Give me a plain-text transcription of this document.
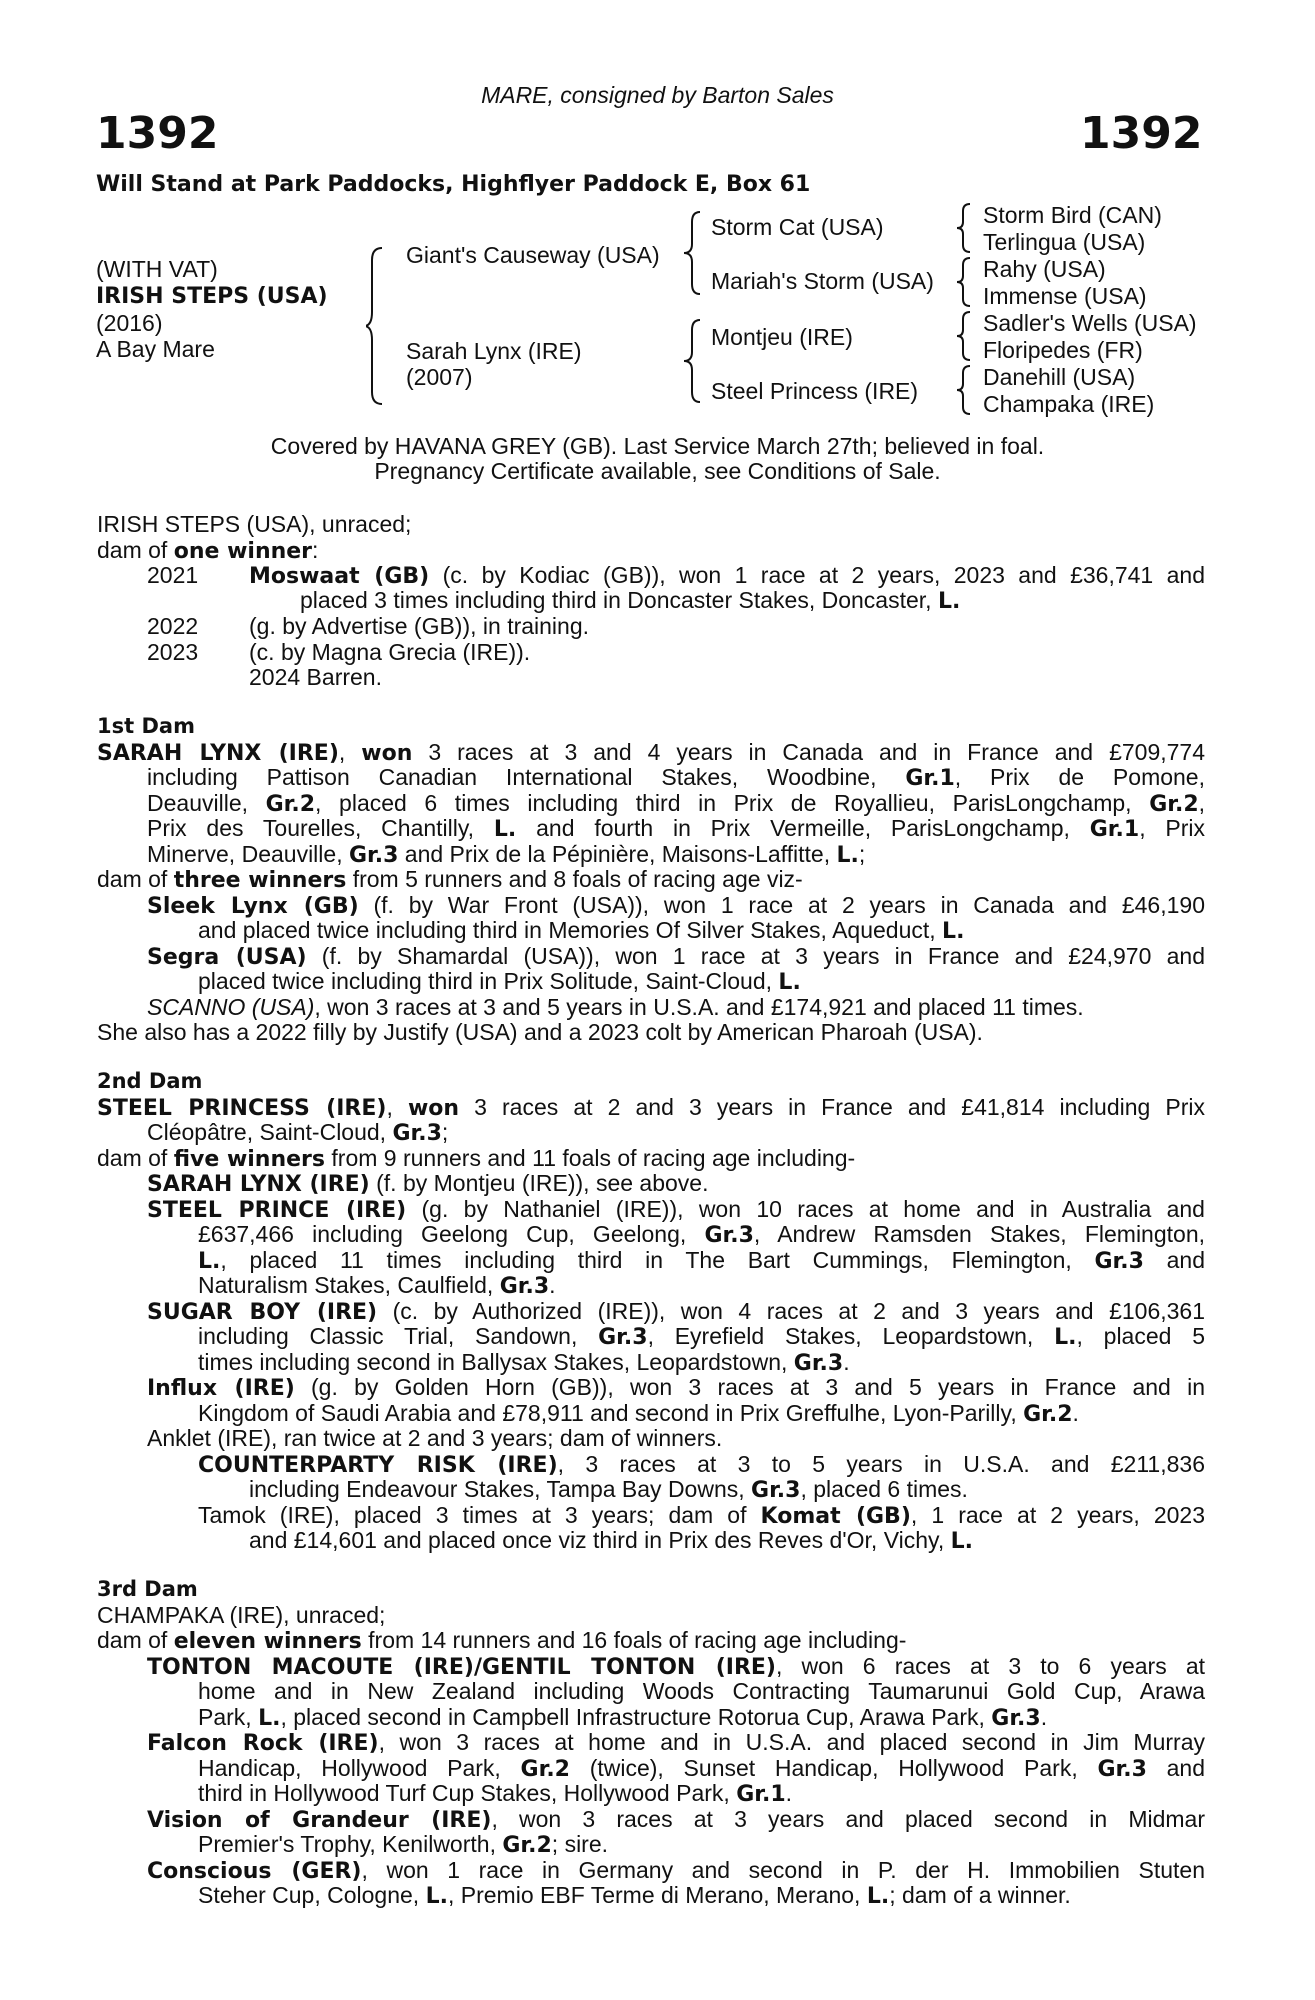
MARE, consigned by Barton Sales
1392	1392
Will Stand at Park Paddocks, Highflyer Paddock E, Box 61
(WITH VAT)
IRISH STEPS (USA)
(2016)
A Bay Mare
Giant's Causeway (USA)
Sarah Lynx (IRE)
(2007)
Storm Cat (USA)
Mariah's Storm (USA)
Montjeu (IRE)
Steel Princess (IRE)
Storm Bird (CAN)
Terlingua (USA)
Rahy (USA)
Immense (USA)
Sadler's Wells (USA)
Floripedes (FR)
Danehill (USA)
Champaka (IRE)
Covered by HAVANA GREY (GB). Last Service March 27th; believed in foal.
Pregnancy Certificate available, see Conditions of Sale.
IRISH STEPS (USA), unraced;
dam of one winner:
2021 Moswaat (GB) (c. by Kodiac (GB)), won 1 race at 2 years, 2023 and £36,741 and
placed 3 times including third in Doncaster Stakes, Doncaster, L.
2022 (g. by Advertise (GB)), in training.
2023 (c. by Magna Grecia (IRE)).
2024 Barren.
1st Dam
SARAH LYNX (IRE), won 3 races at 3 and 4 years in Canada and in France and £709,774
including Pattison Canadian International Stakes, Woodbine, Gr.1, Prix de Pomone,
Deauville, Gr.2, placed 6 times including third in Prix de Royallieu, ParisLongchamp, Gr.2,
Prix des Tourelles, Chantilly, L. and fourth in Prix Vermeille, ParisLongchamp, Gr.1, Prix
Minerve, Deauville, Gr.3 and Prix de la Pépinière, Maisons-Laffitte, L.;
dam of three winners from 5 runners and 8 foals of racing age viz-
Sleek Lynx (GB) (f. by War Front (USA)), won 1 race at 2 years in Canada and £46,190
and placed twice including third in Memories Of Silver Stakes, Aqueduct, L.
Segra (USA) (f. by Shamardal (USA)), won 1 race at 3 years in France and £24,970 and
placed twice including third in Prix Solitude, Saint-Cloud, L.
SCANNO (USA), won 3 races at 3 and 5 years in U.S.A. and £174,921 and placed 11 times.
She also has a 2022 filly by Justify (USA) and a 2023 colt by American Pharoah (USA).
2nd Dam
STEEL PRINCESS (IRE), won 3 races at 2 and 3 years in France and £41,814 including Prix
Cléopâtre, Saint-Cloud, Gr.3;
dam of five winners from 9 runners and 11 foals of racing age including-
SARAH LYNX (IRE) (f. by Montjeu (IRE)), see above.
STEEL PRINCE (IRE) (g. by Nathaniel (IRE)), won 10 races at home and in Australia and
£637,466 including Geelong Cup, Geelong, Gr.3, Andrew Ramsden Stakes, Flemington,
L., placed 11 times including third in The Bart Cummings, Flemington, Gr.3 and
Naturalism Stakes, Caulfield, Gr.3.
SUGAR BOY (IRE) (c. by Authorized (IRE)), won 4 races at 2 and 3 years and £106,361
including Classic Trial, Sandown, Gr.3, Eyrefield Stakes, Leopardstown, L., placed 5
times including second in Ballysax Stakes, Leopardstown, Gr.3.
Influx (IRE) (g. by Golden Horn (GB)), won 3 races at 3 and 5 years in France and in
Kingdom of Saudi Arabia and £78,911 and second in Prix Greffulhe, Lyon-Parilly, Gr.2.
Anklet (IRE), ran twice at 2 and 3 years; dam of winners.
COUNTERPARTY RISK (IRE), 3 races at 3 to 5 years in U.S.A. and £211,836
including Endeavour Stakes, Tampa Bay Downs, Gr.3, placed 6 times.
Tamok (IRE), placed 3 times at 3 years; dam of Komat (GB), 1 race at 2 years, 2023
and £14,601 and placed once viz third in Prix des Reves d'Or, Vichy, L.
3rd Dam
CHAMPAKA (IRE), unraced;
dam of eleven winners from 14 runners and 16 foals of racing age including-
TONTON MACOUTE (IRE)/GENTIL TONTON (IRE), won 6 races at 3 to 6 years at
home and in New Zealand including Woods Contracting Taumarunui Gold Cup, Arawa
Park, L., placed second in Campbell Infrastructure Rotorua Cup, Arawa Park, Gr.3.
Falcon Rock (IRE), won 3 races at home and in U.S.A. and placed second in Jim Murray
Handicap, Hollywood Park, Gr.2 (twice), Sunset Handicap, Hollywood Park, Gr.3 and
third in Hollywood Turf Cup Stakes, Hollywood Park, Gr.1.
Vision of Grandeur (IRE), won 3 races at 3 years and placed second in Midmar
Premier's Trophy, Kenilworth, Gr.2; sire.
Conscious (GER), won 1 race in Germany and second in P. der H. Immobilien Stuten
Steher Cup, Cologne, L., Premio EBF Terme di Merano, Merano, L.; dam of a winner.
